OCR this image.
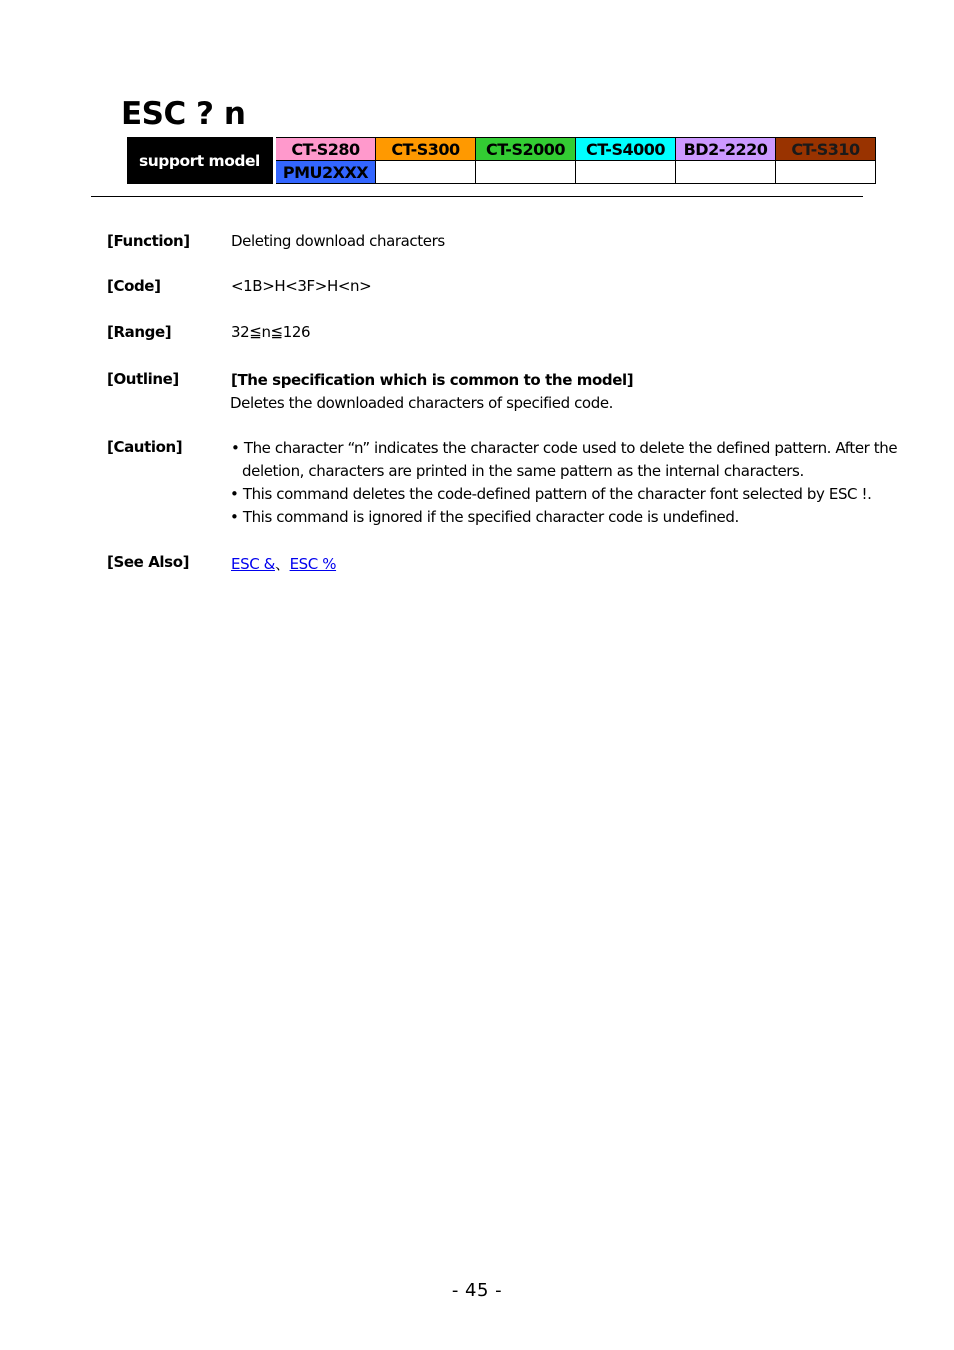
ESC ? n
support model	CT-S280	CT-S300	CT-S2000	CT-S4000	BD2-2220	CT-S310
	PMU2XXX					
[Function]	Deleting download characters
[Code]	<1B>H<3F>H<n>
[Range]	32≦n≦126
[Outline]	[The specification which is common to the model]
Deletes the downloaded characters of specified code.
[Caution]	• The character “n” indicates the character code used to delete the defined pattern. After the
deletion, characters are printed in the same pattern as the internal characters.
• This command deletes the code-defined pattern of the character font selected by ESC !.
• This command is ignored if the specified character code is undefined.
[See Also]	ESC &、ESC %
- 45 -
